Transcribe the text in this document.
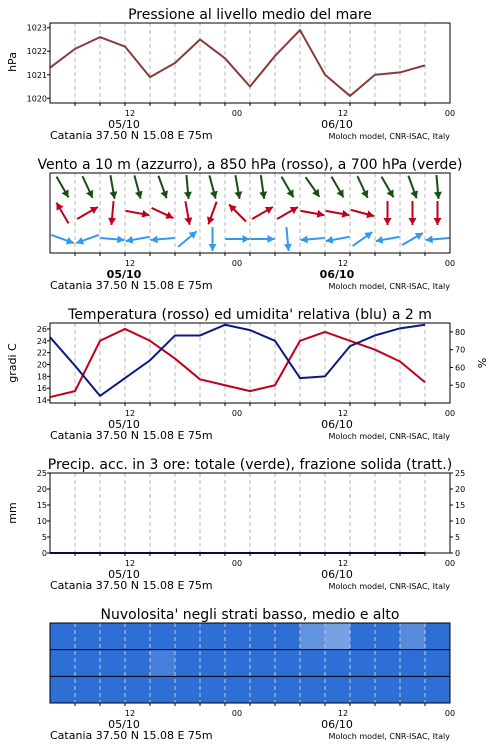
Pressione al livello medio del mare
hPa
1020
1021
1022
1023
12	00	12	00
05/10	06/10
Catania 37.50 N 15.08 E 75m	Moloch model, CNR-ISAC, Italy
Vento a 10 m (azzurro), a 850 hPa (rosso), a 700 hPa (verde)
12	00	12	00
05/10	06/10
Catania 37.50 N 15.08 E 75m	Moloch model, CNR-ISAC, Italy
Temperatura (rosso) ed umidita' relativa (blu) a 2 m
gradi C	%
14
16
18
20
22
24
26
50
60
70
80
12	00	12	00
05/10	06/10
Catania 37.50 N 15.08 E 75m	Moloch model, CNR-ISAC, Italy
Precip. acc. in 3 ore: totale (verde), frazione solida (tratt.)
mm
0
5
10
15
20
25
0
5
10
15
20
25
12	00	12	00
05/10	06/10
Catania 37.50 N 15.08 E 75m	Moloch model, CNR-ISAC, Italy
Nuvolosita' negli strati basso, medio e alto
12	00	12	00
05/10	06/10
Catania 37.50 N 15.08 E 75m	Moloch model, CNR-ISAC, Italy
